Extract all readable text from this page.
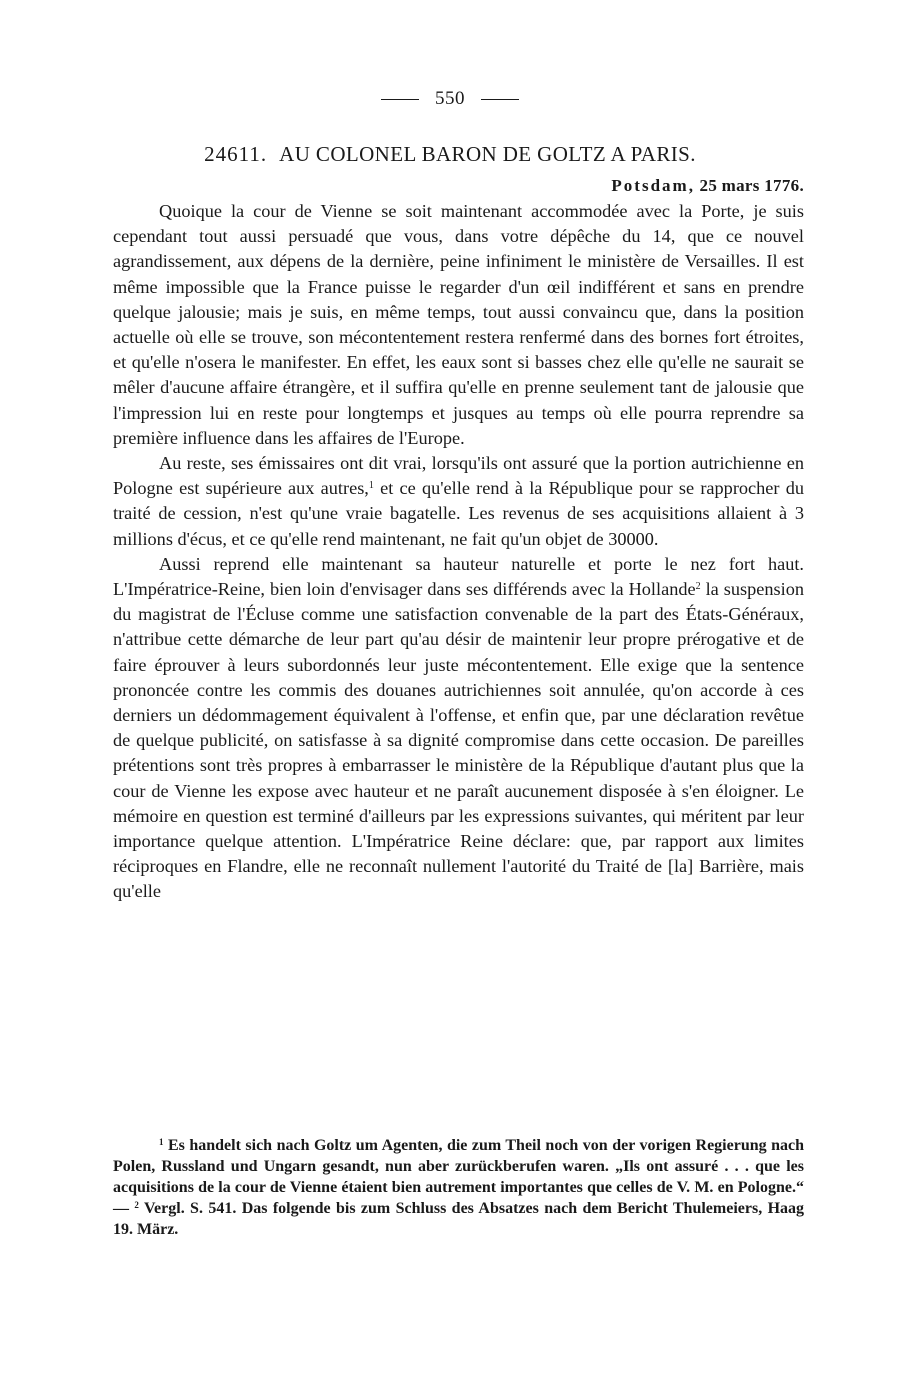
550
24611. AU COLONEL BARON DE GOLTZ A PARIS.
Potsdam, 25 mars 1776.

Quoique la cour de Vienne se soit maintenant accommodée avec la Porte, je suis cependant tout aussi persuadé que vous, dans votre dépêche du 14, que ce nouvel agrandissement, aux dépens de la dernière, peine infiniment le ministère de Versailles. Il est même impossible que la France puisse le regarder d'un œil indifférent et sans en prendre quelque jalousie; mais je suis, en même temps, tout aussi convaincu que, dans la position actuelle où elle se trouve, son mécontentement restera renfermé dans des bornes fort étroites, et qu'elle n'osera le manifester. En effet, les eaux sont si basses chez elle qu'elle ne saurait se mêler d'aucune affaire étrangère, et il suffira qu'elle en prenne seulement tant de jalousie que l'impression lui en reste pour longtemps et jusques au temps où elle pourra reprendre sa première influence dans les affaires de l'Europe.

Au reste, ses émissaires ont dit vrai, lorsqu'ils ont assuré que la portion autrichienne en Pologne est supérieure aux autres,$^1$ et ce qu'elle rend à la République pour se rapprocher du traité de cession, n'est qu'une vraie bagatelle. Les revenus de ses acquisitions allaient à 3 millions d'écus, et ce qu'elle rend maintenant, ne fait qu'un objet de 30000.

Aussi reprend elle maintenant sa hauteur naturelle et porte le nez fort haut. L'Impératrice-Reine, bien loin d'envisager dans ses différends avec la Hollande$^2$ la suspension du magistrat de l'Écluse comme une satisfaction convenable de la part des États-Généraux, n'attribue cette démarche de leur part qu'au désir de maintenir leur propre prérogative et de faire éprouver à leurs subordonnés leur juste mécontentement. Elle exige que la sentence prononcée contre les commis des douanes autrichiennes soit annulée, qu'on accorde à ces derniers un dédommagement équivalent à l'offense, et enfin que, par une déclaration revêtue de quelque publicité, on satisfasse à sa dignité compromise dans cette occasion. De pareilles prétentions sont très propres à embarrasser le ministère de la République d'autant plus que la cour de Vienne les expose avec hauteur et ne paraît aucunement disposée à s'en éloigner. Le mémoire en question est terminé d'ailleurs par les expressions suivantes, qui méritent par leur importance quelque attention. L'Impératrice Reine déclare: que, par rapport aux limites réciproques en Flandre, elle ne reconnaît nullement l'autorité du Traité de [la] Barrière, mais qu'elle

$^1$ Es handelt sich nach Goltz um Agenten, die zum Theil noch von der vorigen Regierung nach Polen, Russland und Ungarn gesandt, nun aber zurückberufen waren. „Ils ont assuré . . . que les acquisitions de la cour de Vienne étaient bien autrement importantes que celles de V. M. en Pologne.“ — $^2$ Vergl. S. 541. Das folgende bis zum Schluss des Absatzes nach dem Bericht Thulemeiers, Haag 19. März.
